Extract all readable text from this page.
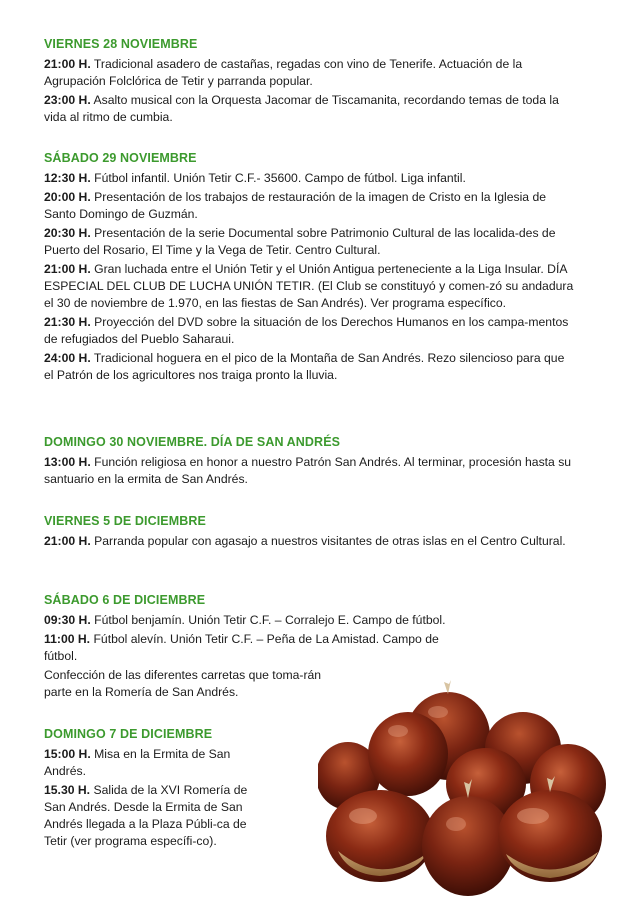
VIERNES 28 NOVIEMBRE
21:00 H. Tradicional asadero de castañas, regadas con vino de Tenerife. Actuación de la Agrupación Folclórica de Tetir y parranda popular.
23:00 H. Asalto musical con la Orquesta Jacomar de Tiscamanita, recordando temas de toda la vida al ritmo de cumbia.
SÁBADO 29 NOVIEMBRE
12:30 H. Fútbol infantil. Unión Tetir C.F.- 35600. Campo de fútbol. Liga infantil.
20:00 H. Presentación de los trabajos de restauración de la imagen de Cristo en la Iglesia de Santo Domingo de Guzmán.
20:30 H. Presentación de la serie Documental sobre Patrimonio Cultural de las localida-des de Puerto del Rosario, El Time y la Vega de Tetir. Centro Cultural.
21:00 H. Gran luchada entre el Unión Tetir y el Unión Antigua perteneciente a la Liga Insular. DÍA ESPECIAL DEL CLUB DE LUCHA UNIÓN TETIR. (El Club se constituyó y comen-zó su andadura el 30 de noviembre de 1.970, en las fiestas de San Andrés). Ver programa específico.
21:30 H. Proyección del DVD sobre la situación de los Derechos Humanos en los campa-mentos de refugiados del Pueblo Saharaui.
24:00 H. Tradicional hoguera en el pico de la Montaña de San Andrés. Rezo silencioso para que el Patrón de los agricultores nos traiga pronto la lluvia.
DOMINGO 30 NOVIEMBRE. DÍA DE SAN ANDRÉS
13:00 H. Función religiosa en honor a nuestro Patrón San Andrés. Al terminar, procesión hasta su santuario en la ermita de San Andrés.
VIERNES 5 DE DICIEMBRE
21:00 H. Parranda popular con agasajo a nuestros visitantes de otras islas en el Centro Cultural.
SÁBADO 6 DE DICIEMBRE
09:30 H. Fútbol benjamín. Unión Tetir C.F. – Corralejo E. Campo de fútbol.
11:00 H. Fútbol alevín. Unión Tetir C.F. – Peña de La Amistad. Campo de fútbol.
Confección de las diferentes carretas que toma-rán parte en la Romería de San Andrés.
DOMINGO 7 DE DICIEMBRE
15:00 H. Misa en la Ermita de San Andrés.
15.30 H. Salida de la XVI Romería de San Andrés. Desde la Ermita de San Andrés llegada a la Plaza Públi-ca de Tetir (ver programa específi-co).
